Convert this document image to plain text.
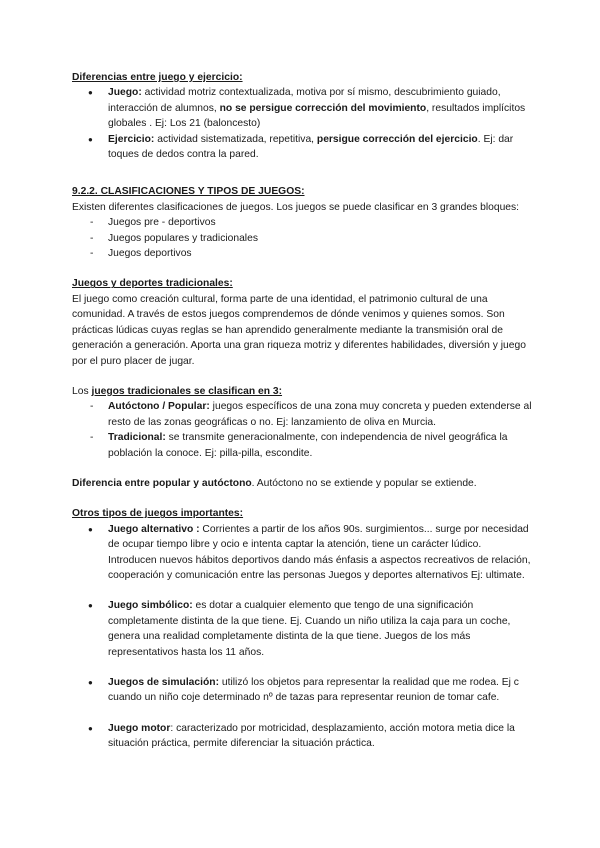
Diferencias entre juego y ejercicio:

● Juego: actividad motriz contextualizada, motiva por sí mismo, descubrimiento guiado, interacción de alumnos, no se persigue corrección del movimiento, resultados implícitos globales . Ej: Los 21 (baloncesto)
● Ejercicio: actividad sistematizada, repetitiva, persigue corrección del ejercicio. Ej: dar toques de dedos contra la pared.

9.2.2. CLASIFICACIONES Y TIPOS DE JUEGOS:

Existen diferentes clasificaciones de juegos. Los juegos se puede clasificar en 3 grandes bloques:

- Juegos pre - deportivos
- Juegos populares y tradicionales
- Juegos deportivos

Juegos y deportes tradicionales:

El juego como creación cultural, forma parte de una identidad, el patrimonio cultural de una comunidad. A través de estos juegos comprendemos de dónde venimos y quienes somos. Son prácticas lúdicas cuyas reglas se han aprendido generalmente mediante la transmisión oral de generación a generación. Aporta una gran riqueza motriz y diferentes habilidades, diversión y juego por el puro placer de jugar.

Los juegos tradicionales se clasifican en 3:

- Autóctono / Popular: juegos específicos de una zona muy concreta y pueden extenderse al resto de las zonas geográficas o no. Ej: lanzamiento de oliva en Murcia.
- Tradicional: se transmite generacionalmente, con independencia de nivel geográfica la población la conoce. Ej: pilla-pilla, escondite.

Diferencia entre popular y autóctono. Autóctono no se extiende y popular se extiende.

Otros tipos de juegos importantes:

● Juego alternativo : Corrientes a partir de los años 90s. surgimientos... surge por necesidad de ocupar tiempo libre y ocio e intenta captar la atención, tiene un carácter lúdico. Introducen nuevos hábitos deportivos dando más énfasis a aspectos recreativos de relación, cooperación y comunicación entre las personas Juegos y deportes alternativos Ej: ultimate.
● Juego simbólico: es dotar a cualquier elemento que tengo de una significación completamente distinta de la que tiene. Ej. Cuando un niño utiliza la caja para un coche, genera una realidad completamente distinta de la que tiene. Juegos de los más representativos hasta los 11 años.
● Juegos de simulación: utilizó los objetos para representar la realidad que me rodea. Ej c cuando un niño coje determinado nº de tazas para representar reunion de tomar cafe.
● Juego motor: caracterizado por motricidad, desplazamiento, acción motora metia dice la situación práctica, permite diferenciar la situación práctica.
